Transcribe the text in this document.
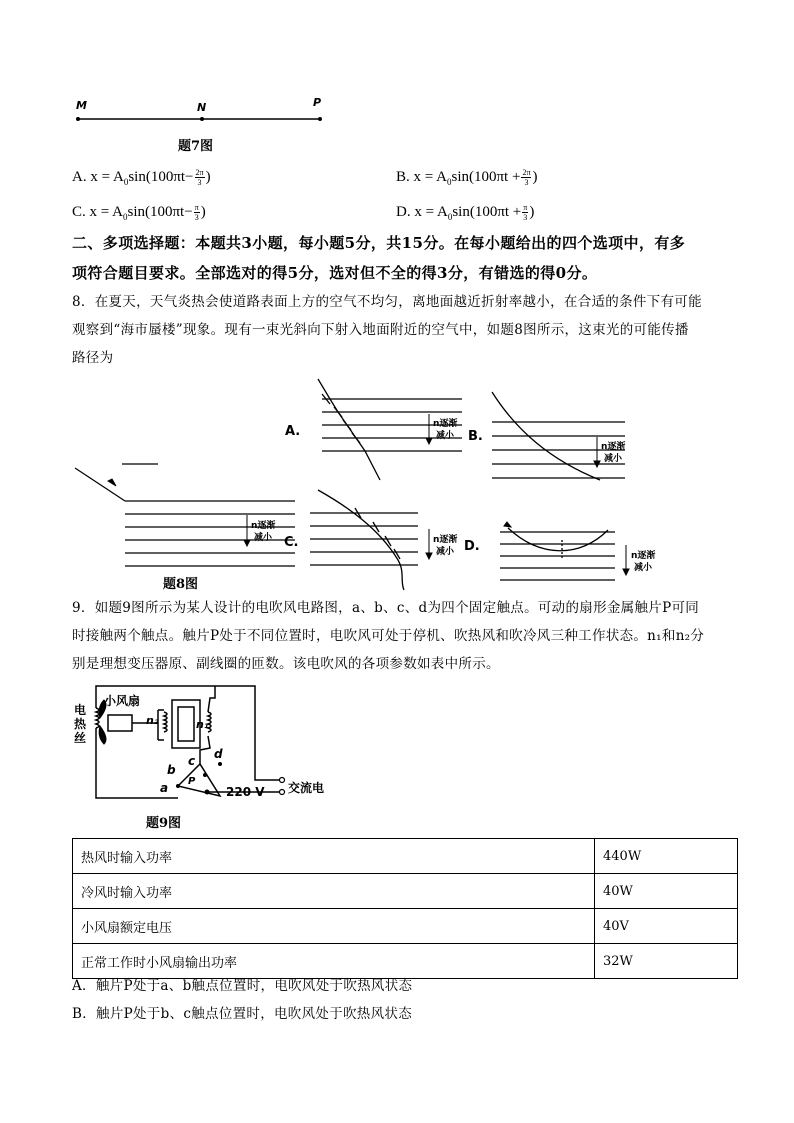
M	N	P
题7图
A. $x = A_0\sin(100\pi t- \frac{2\pi}{3}$ )	B. $x = A_0\sin(100\pi t + \frac{2\pi}{3}$ )
C. $x = A_0\sin(100\pi t- \frac{\pi}{3}$ )	D. $x = A_0\sin(100\pi t + \frac{\pi}{3}$ )
二、多项选择题：本题共3小题，每小题5分，共15分。在每小题给出的四个选项中，有多
项符合题目要求。全部选对的得5分，选对但不全的得3分，有错选的得0分。
8．在夏天，天气炎热会使道路表面上方的空气不均匀，离地面越近折射率越小，在合适的条件下有可能
观察到“海市蜃楼”现象。现有一束光斜向下射入地面附近的空气中，如题8图所示，这束光的可能传播
路径为
A.	B.
C.	D.
n逐渐
减小
n逐渐
减小
n逐渐
减小	n逐渐
减小	n逐渐
减小
题8图
9．如题9图所示为某人设计的电吹风电路图，a、b、c、d为四个固定触点。可动的扇形金属触片P可同
时接触两个触点。触片P处于不同位置时，电吹风可处于停机、吹热风和吹冷风三种工作状态。n₁和n₂分
别是理想变压器原、副线圈的匝数。该电吹风的各项参数如表中所示。
小风扇
电
热
丝
n₂	n₁
a
b
c d
P
220 V 交流电
题9图
热风时输入功率	440W
冷风时输入功率	40W
小风扇额定电压	40V
正常工作时小风扇输出功率	32W
A．触片P处于a、b触点位置时，电吹风处于吹热风状态
B．触片P处于b、c触点位置时，电吹风处于吹热风状态
